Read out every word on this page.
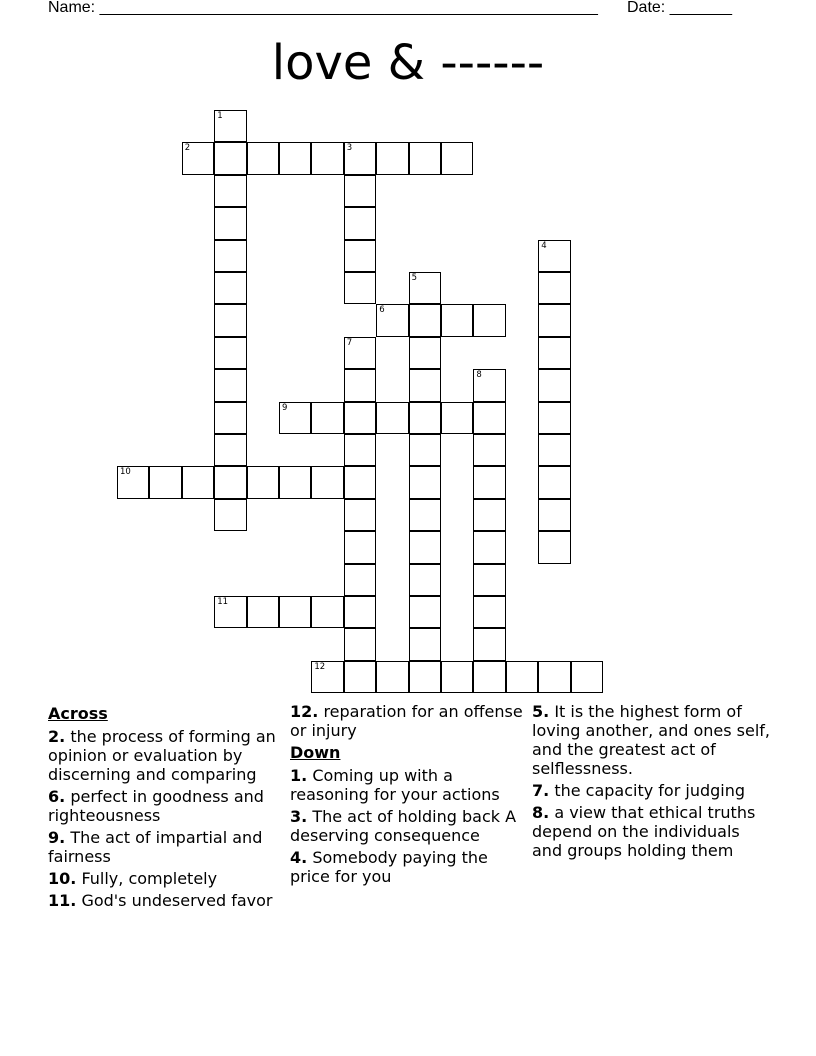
Name: ________________________________________________________ Date: _______
love & ------
1
2	3
4
5
6
7
8
9
10
11
12
Across
2. the process of forming an opinion or evaluation by discerning and comparing
6. perfect in goodness and righteousness
9. The act of impartial and fairness
10. Fully, completely
11. God's undeserved favor
12. reparation for an offense or injury
Down
1. Coming up with a reasoning for your actions
3. The act of holding back A deserving consequence
4. Somebody paying the price for you
5. It is the highest form of loving another, and ones self, and the greatest act of selflessness.
7. the capacity for judging
8. a view that ethical truths depend on the individuals and groups holding them
